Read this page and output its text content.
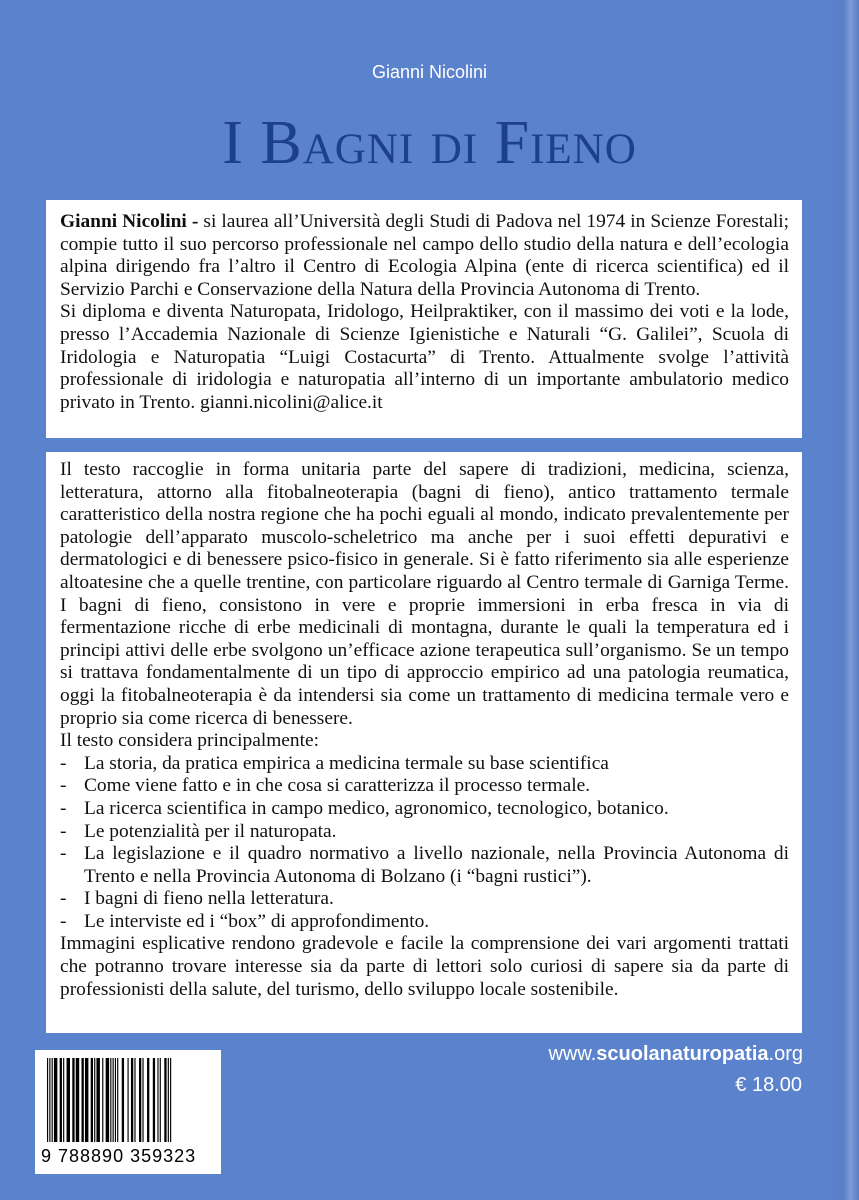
Gianni Nicolini
I Bagni di Fieno

Gianni Nicolini - si laurea all’Università degli Studi di Padova nel 1974 in Scienze Forestali; compie tutto il suo percorso professionale nel campo dello studio della natura e dell’ecologia alpina dirigendo fra l’altro il Centro di Ecologia Alpina (ente di ricerca scientifica) ed il Servizio Parchi e Conservazione della Natura della Provincia Autonoma di Trento.

Si diploma e diventa Naturopata, Iridologo, Heilpraktiker, con il massimo dei voti e la lode, presso l’Accademia Nazionale di Scienze Igienistiche e Naturali “G. Galilei”, Scuola di Iridologia e Naturopatia “Luigi Costacurta” di Trento. Attualmente svolge l’attività professionale di iridologia e naturopatia all’interno di un importante ambulatorio medico privato in Trento. gianni.nicolini@alice.it

Il testo raccoglie in forma unitaria parte del sapere di tradizioni, medicina, scienza, letteratura, attorno alla fitobalneoterapia (bagni di fieno), antico trattamento termale caratteristico della nostra regione che ha pochi eguali al mondo, indicato prevalentemente per patologie dell’apparato muscolo-scheletrico ma anche per i suoi effetti depurativi e dermatologici e di benessere psico-fisico in generale. Si è fatto riferimento sia alle esperienze altoatesine che a quelle trentine, con particolare riguardo al Centro termale di Garniga Terme. I bagni di fieno, consistono in vere e proprie immersioni in erba fresca in via di fermentazione ricche di erbe medicinali di montagna, durante le quali la temperatura ed i principi attivi delle erbe svolgono un’efficace azione terapeutica sull’organismo. Se un tempo si trattava fondamentalmente di un tipo di approccio empirico ad una patologia reumatica, oggi la fitobalneoterapia è da intendersi sia come un trattamento di medicina termale vero e proprio sia come ricerca di benessere.

Il testo considera principalmente:

- La storia, da pratica empirica a medicina termale su base scientifica
- Come viene fatto e in che cosa si caratterizza il processo termale.
- La ricerca scientifica in campo medico, agronomico, tecnologico, botanico.
- Le potenzialità per il naturopata.
- La legislazione e il quadro normativo a livello nazionale, nella Provincia Autonoma di Trento e nella Provincia Autonoma di Bolzano (i “bagni rustici”).
- I bagni di fieno nella letteratura.
- Le interviste ed i “box” di approfondimento.

Immagini esplicative rendono gradevole e facile la comprensione dei vari argomenti trattati che potranno trovare interesse sia da parte di lettori solo curiosi di sapere sia da parte di professionisti della salute, del turismo, dello sviluppo locale sostenibile.

9 788890 359323
www.scuolanaturopatia.org
€ 18.00
